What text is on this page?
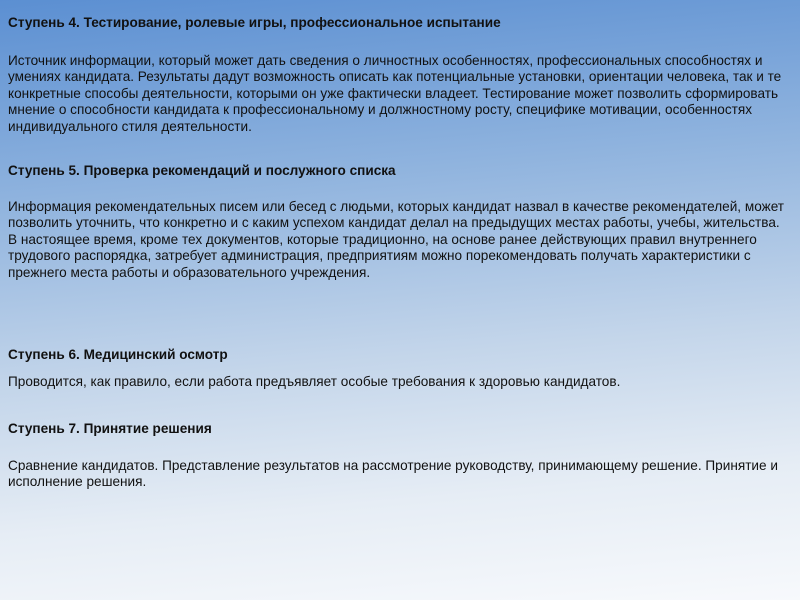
Ступень 4. Тестирование, ролевые игры, профессиональное испытание

Источник информации, который может дать сведения о личностных особенностях, профессиональных способностях и умениях кандидата. Результаты дадут возможность описать как потенциальные установки, ориентации человека, так и те конкретные способы деятельности, которыми он уже фактически владеет. Тестирование может позволить сформировать мнение о способности кандидата к профессиональному и должностному росту, специфике мотивации, особенностях индивидуального стиля деятельности.

Ступень 5. Проверка рекомендаций и послужного списка

Информация рекомендательных писем или бесед с людьми, которых кандидат назвал в качестве рекомендателей, может позволить уточнить, что конкретно и с каким успехом кандидат делал на предыдущих местах работы, учебы, жительства. В настоящее время, кроме тех документов, которые традиционно, на основе ранее действующих правил внутреннего трудового распорядка, затребует администрация, предприятиям можно порекомендовать получать характеристики с прежнего места работы и образовательного учреждения.

Ступень 6. Медицинский осмотр

Проводится, как правило, если работа предъявляет особые требования к здоровью кандидатов.

Ступень 7. Принятие решения

Сравнение кандидатов. Представление результатов на рассмотрение руководству, принимающему решение. Принятие и исполнение решения.
